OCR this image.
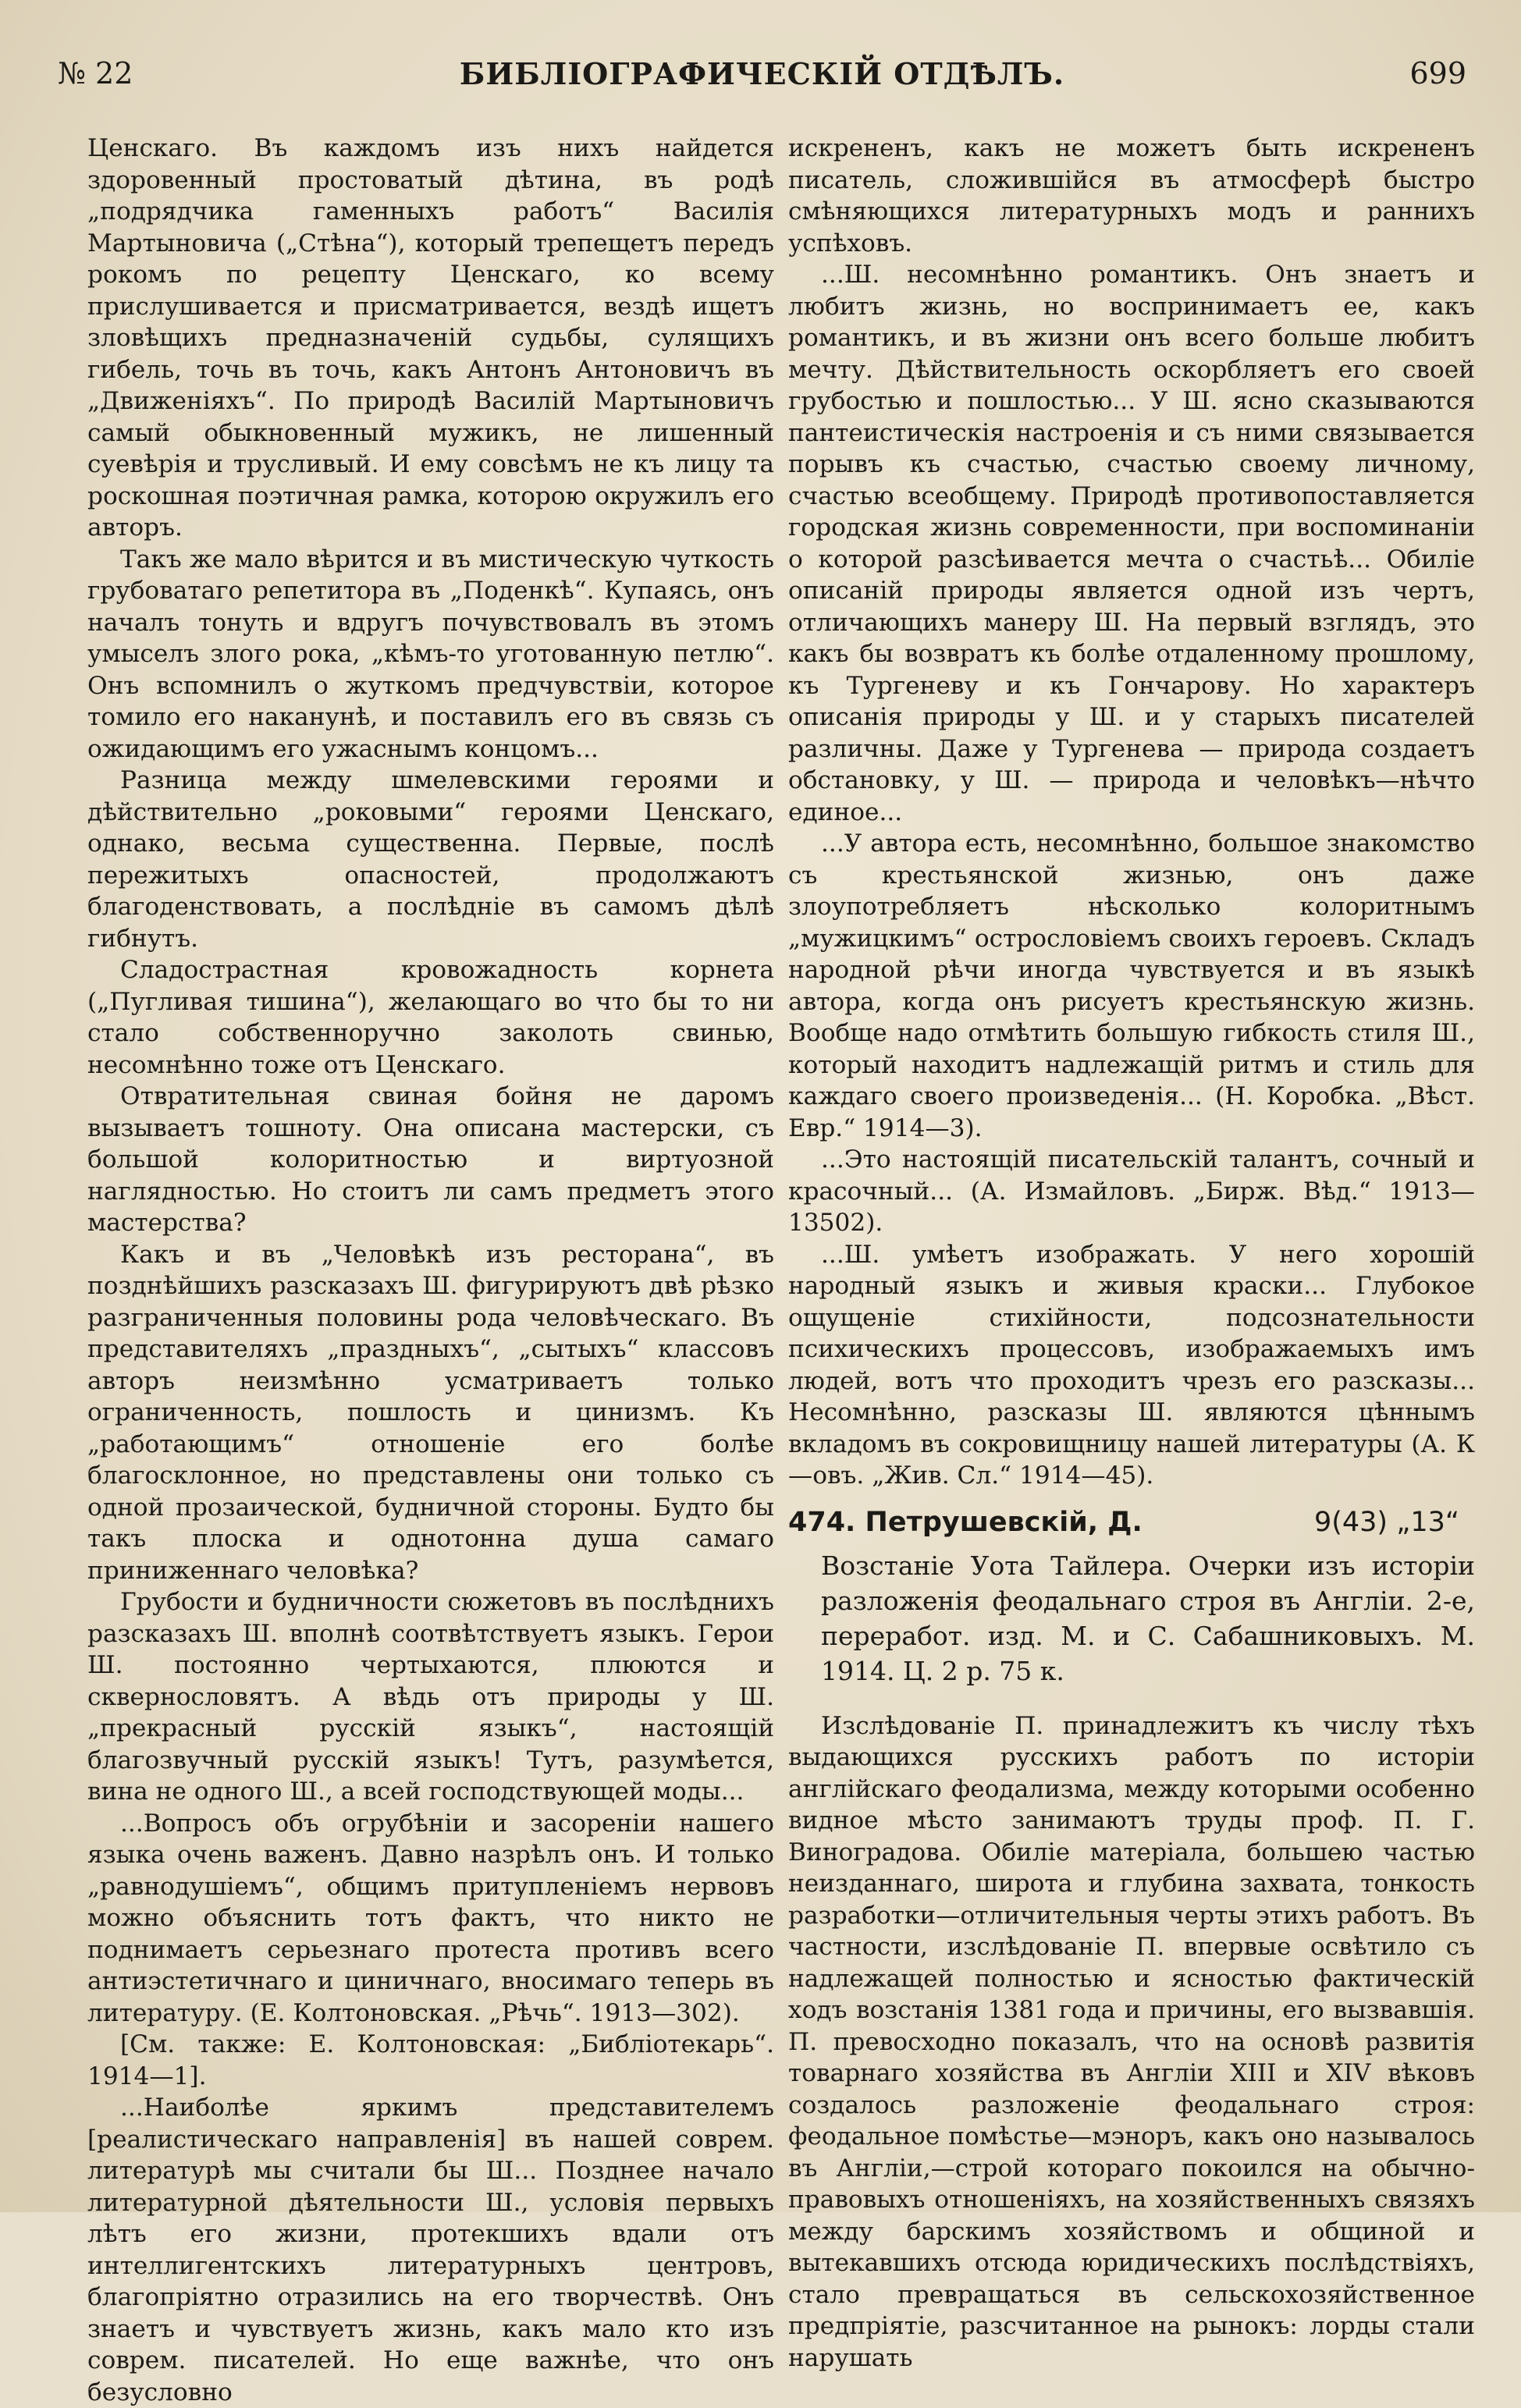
№ 22	БИБЛІОГРАФИЧЕСКІЙ ОТДѢЛЪ.	699

Ценскаго. Въ каждомъ изъ нихъ найдется здоровенный простоватый дѣтина, въ родѣ „подрядчика гаменныхъ работъ“ Василія Мартыновича („Стѣна“), который трепещетъ передъ рокомъ по рецепту Ценскаго, ко всему прислушивается и присматривается, вездѣ ищетъ зловѣщихъ предназначеній судьбы, сулящихъ гибель, точь въ точь, какъ Антонъ Антоновичъ въ „Движеніяхъ“. По природѣ Василій Мартыновичъ самый обыкновенный мужикъ, не лишенный суевѣрія и трусливый. И ему совсѣмъ не къ лицу та роскошная поэтичная рамка, которою окружилъ его авторъ.

Такъ же мало вѣрится и въ мистическую чуткость грубоватаго репетитора въ „Поденкѣ“. Купаясь, онъ началъ тонуть и вдругъ почувствовалъ въ этомъ умыселъ злого рока, „кѣмъ-то уготованную петлю“. Онъ вспомнилъ о жуткомъ предчувствіи, которое томило его наканунѣ, и поставилъ его въ связь съ ожидающимъ его ужаснымъ концомъ...

Разница между шмелевскими героями и дѣйствительно „роковыми“ героями Ценскаго, однако, весьма существенна. Первые, послѣ пережитыхъ опасностей, продолжаютъ благоденствовать, а послѣдніе въ самомъ дѣлѣ гибнутъ.

Сладострастная кровожадность корнета („Пугливая тишина“), желающаго во что бы то ни стало собственноручно заколоть свинью, несомнѣнно тоже отъ Ценскаго.

Отвратительная свиная бойня не даромъ вызываетъ тошноту. Она описана мастерски, съ большой колоритностью и виртуозной наглядностью. Но стоитъ ли самъ предметъ этого мастерства?

Какъ и въ „Человѣкѣ изъ ресторана“, въ позднѣйшихъ разсказахъ Ш. фигурируютъ двѣ рѣзко разграниченныя половины рода человѣческаго. Въ представителяхъ „праздныхъ“, „сытыхъ“ классовъ авторъ неизмѣнно усматриваетъ только ограниченность, пошлость и цинизмъ. Къ „работающимъ“ отношеніе его болѣе благосклонное, но представлены они только съ одной прозаической, будничной стороны. Будто бы такъ плоска и однотонна душа самаго приниженнаго человѣка?

Грубости и будничности сюжетовъ въ послѣднихъ разсказахъ Ш. вполнѣ соотвѣтствуетъ языкъ. Герои Ш. постоянно чертыхаются, плюются и сквернословятъ. А вѣдь отъ природы у Ш. „прекрасный русскій языкъ“, настоящій благозвучный русскій языкъ! Тутъ, разумѣется, вина не одного Ш., а всей господствующей моды...

...Вопросъ объ огрубѣніи и засореніи нашего языка очень важенъ. Давно назрѣлъ онъ. И только „равнодушіемъ“, общимъ притупленіемъ нервовъ можно объяснить тотъ фактъ, что никто не поднимаетъ серьезнаго протеста противъ всего антиэстетичнаго и циничнаго, вносимаго теперь въ литературу. (Е. Колтоновская. „Рѣчь“. 1913—302).

[См. также: Е. Колтоновская: „Библіотекарь“. 1914—1].

...Наиболѣе яркимъ представителемъ [реалистическаго направленія] въ нашей соврем. литературѣ мы считали бы Ш... Позднее начало литературной дѣятельности Ш., условія первыхъ лѣтъ его жизни, протекшихъ вдали отъ интеллигентскихъ литературныхъ центровъ, благопріятно отразились на его творчествѣ. Онъ знаетъ и чувствуетъ жизнь, какъ мало кто изъ соврем. писателей. Но еще важнѣе, что онъ безусловно

искрененъ, какъ не можетъ быть искрененъ писатель, сложившійся въ атмосферѣ быстро смѣняющихся литературныхъ модъ и раннихъ успѣховъ.

...Ш. несомнѣнно романтикъ. Онъ знаетъ и любитъ жизнь, но воспринимаетъ ее, какъ романтикъ, и въ жизни онъ всего больше любитъ мечту. Дѣйствительность оскорбляетъ его своей грубостью и пошлостью... У Ш. ясно сказываются пантеистическія настроенія и съ ними связывается порывъ къ счастью, счастью своему личному, счастью всеобщему. Природѣ противопоставляется городская жизнь современности, при воспоминаніи о которой разсѣивается мечта о счастьѣ... Обиліе описаній природы является одной изъ чертъ, отличающихъ манеру Ш. На первый взглядъ, это какъ бы возвратъ къ болѣе отдаленному прошлому, къ Тургеневу и къ Гончарову. Но характеръ описанія природы у Ш. и у старыхъ писателей различны. Даже у Тургенева — природа создаетъ обстановку, у Ш. — природа и человѣкъ—нѣчто единое...

...У автора есть, несомнѣнно, большое знакомство съ крестьянской жизнью, онъ даже злоупотребляетъ нѣсколько колоритнымъ „мужицкимъ“ острословіемъ своихъ героевъ. Складъ народной рѣчи иногда чувствуется и въ языкѣ автора, когда онъ рисуетъ крестьянскую жизнь. Вообще надо отмѣтить большую гибкость стиля Ш., который находитъ надлежащій ритмъ и стиль для каждаго своего произведенія... (Н. Коробка. „Вѣст. Евр.“ 1914—3).

...Это настоящій писательскій талантъ, сочный и красочный... (А. Измайловъ. „Бирж. Вѣд.“ 1913—13502).

...Ш. умѣетъ изображать. У него хорошій народный языкъ и живыя краски... Глубокое ощущеніе стихійности, подсознательности психическихъ процессовъ, изображаемыхъ имъ людей, вотъ что проходитъ чрезъ его разсказы... Несомнѣнно, разсказы Ш. являются цѣннымъ вкладомъ въ сокровищницу нашей литературы (А. К—овъ. „Жив. Сл.“ 1914—45).

474. Петрушевскій, Д.	9(43) „13“

Возстаніе Уота Тайлера. Очерки изъ исторіи разложенія феодальнаго строя въ Англіи. 2-е, переработ. изд. М. и С. Сабашниковыхъ. М. 1914. Ц. 2 р. 75 к.

Изслѣдованіе П. принадлежитъ къ числу тѣхъ выдающихся русскихъ работъ по исторіи англійскаго феодализма, между которыми особенно видное мѣсто занимаютъ труды проф. П. Г. Виноградова. Обиліе матеріала, большею частью неизданнаго, широта и глубина захвата, тонкость разработки—отличительныя черты этихъ работъ. Въ частности, изслѣдованіе П. впервые освѣтило съ надлежащей полностью и ясностью фактическій ходъ возстанія 1381 года и причины, его вызвавшія. П. превосходно показалъ, что на основѣ развитія товарнаго хозяйства въ Англіи XIII и XIV вѣковъ создалось разложеніе феодальнаго строя: феодальное помѣстье—мэноръ, какъ оно называлось въ Англіи,—строй котораго покоился на обычно-правовыхъ отношеніяхъ, на хозяйственныхъ связяхъ между барскимъ хозяйствомъ и общиной и вытекавшихъ отсюда юридическихъ послѣдствіяхъ, стало превращаться въ сельскохозяйственное предпріятіе, разсчитанное на рынокъ: лорды стали нарушать
